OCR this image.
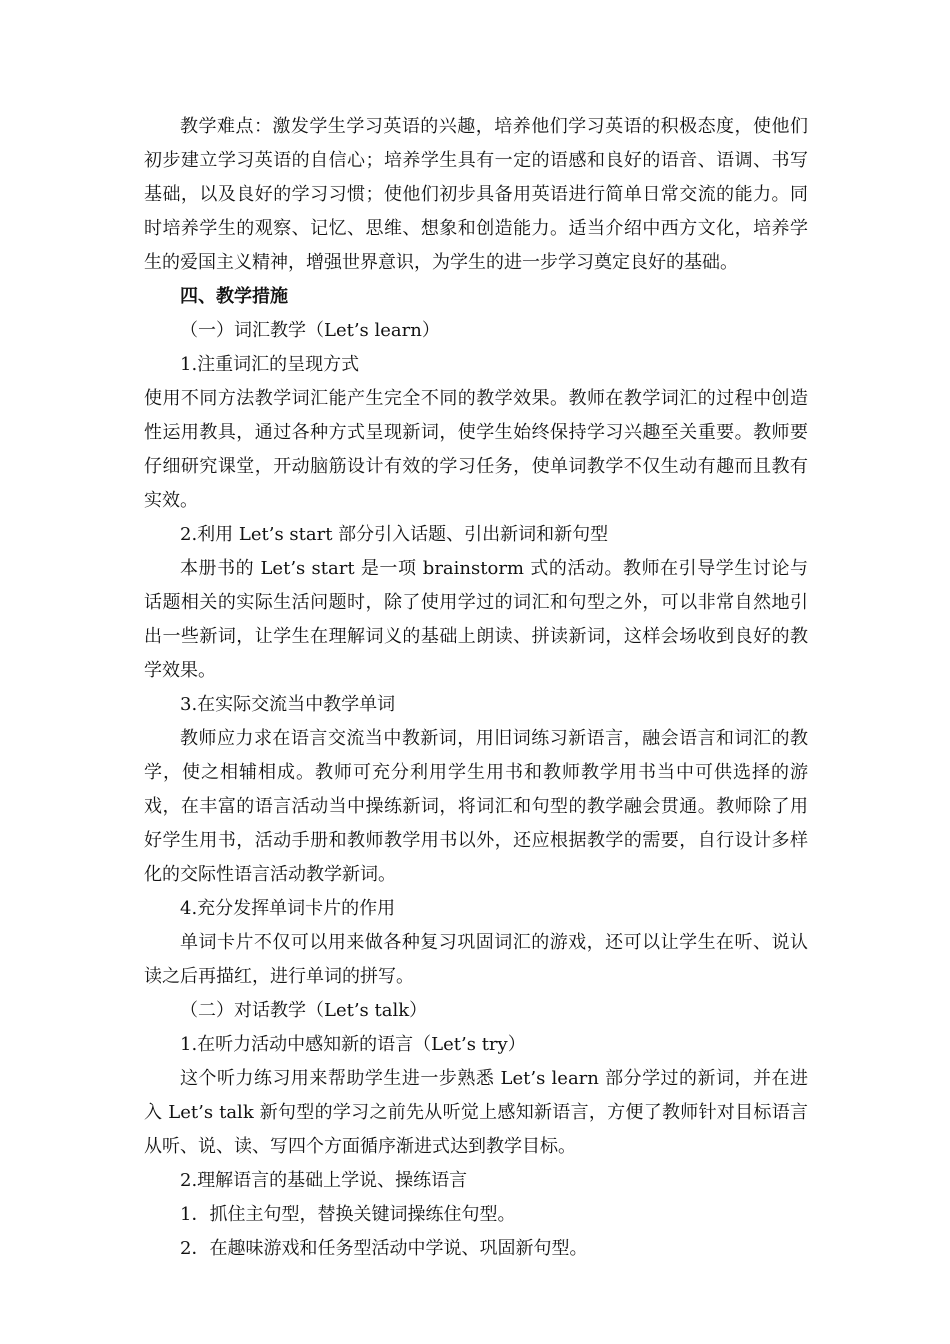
教学难点：激发学生学习英语的兴趣，培养他们学习英语的积极态度，使他们初步建立学习英语的自信心；培养学生具有一定的语感和良好的语音、语调、书写基础，以及良好的学习习惯；使他们初步具备用英语进行简单日常交流的能力。同时培养学生的观察、记忆、思维、想象和创造能力。适当介绍中西方文化，培养学生的爱国主义精神，增强世界意识，为学生的进一步学习奠定良好的基础。

四、教学措施

（一）词汇教学（Let’s learn）

1.注重词汇的呈现方式

使用不同方法教学词汇能产生完全不同的教学效果。教师在教学词汇的过程中创造性运用教具，通过各种方式呈现新词，使学生始终保持学习兴趣至关重要。教师要仔细研究课堂，开动脑筋设计有效的学习任务，使单词教学不仅生动有趣而且教有实效。

2.利用 Let’s start 部分引入话题、引出新词和新句型

本册书的 Let’s start 是一项 brainstorm 式的活动。教师在引导学生讨论与话题相关的实际生活问题时，除了使用学过的词汇和句型之外，可以非常自然地引出一些新词，让学生在理解词义的基础上朗读、拼读新词，这样会场收到良好的教学效果。

3.在实际交流当中教学单词

教师应力求在语言交流当中教新词，用旧词练习新语言，融会语言和词汇的教学，使之相辅相成。教师可充分利用学生用书和教师教学用书当中可供选择的游戏，在丰富的语言活动当中操练新词，将词汇和句型的教学融会贯通。教师除了用好学生用书，活动手册和教师教学用书以外，还应根据教学的需要，自行设计多样化的交际性语言活动教学新词。

4.充分发挥单词卡片的作用

单词卡片不仅可以用来做各种复习巩固词汇的游戏，还可以让学生在听、说认读之后再描红，进行单词的拼写。

（二）对话教学（Let’s talk）

1.在听力活动中感知新的语言（Let’s try）

这个听力练习用来帮助学生进一步熟悉 Let’s learn 部分学过的新词，并在进入 Let’s talk 新句型的学习之前先从听觉上感知新语言，方便了教师针对目标语言从听、说、读、写四个方面循序渐进式达到教学目标。

2.理解语言的基础上学说、操练语言

1．抓住主句型，替换关键词操练住句型。

2．在趣味游戏和任务型活动中学说、巩固新句型。
